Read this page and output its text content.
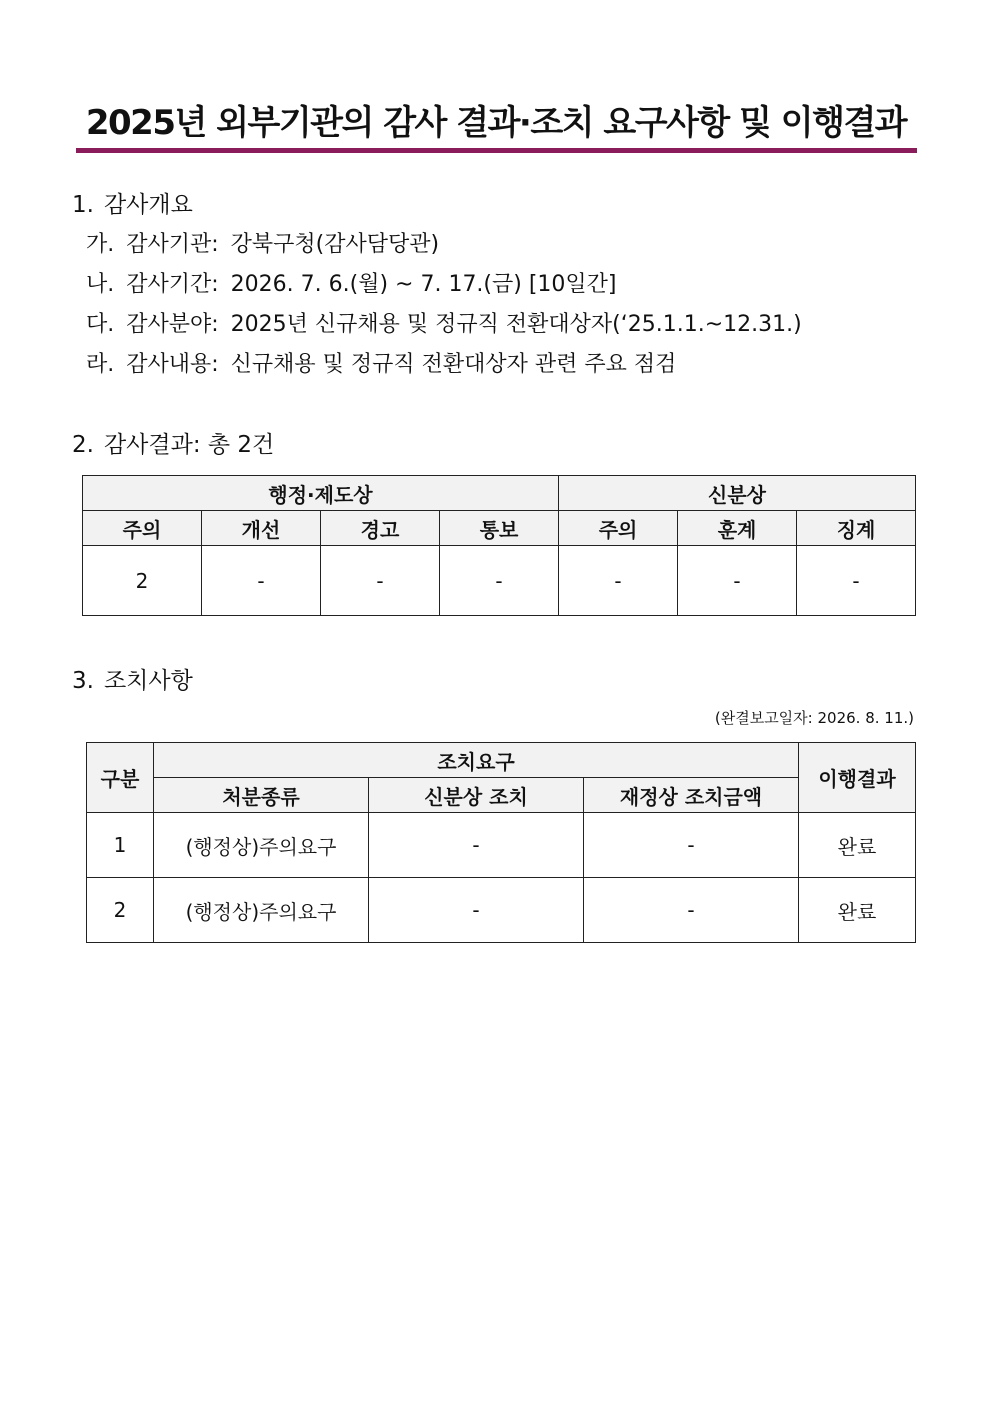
2025년 외부기관의 감사 결과·조치 요구사항 및 이행결과
1. 감사개요
가. 감사기관: 강북구청(감사담당관)
나. 감사기간: 2026. 7. 6.(월) ~ 7. 17.(금) [10일간]
다. 감사분야: 2025년 신규채용 및 정규직 전환대상자(‘25.1.1.~12.31.)
라. 감사내용: 신규채용 및 정규직 전환대상자 관련 주요 점검
2. 감사결과: 총 2건
행정·제도상				신분상		
주의	개선	경고	통보	주의	훈계	징계
2	-	-	-	-	-	-
3. 조치사항

(완결보고일자: 2026. 8. 11.)

구분	조치요구			이행결과
	처분종류	신분상 조치	재정상 조치금액	
1	(행정상)주의요구	-	-	완료
2	(행정상)주의요구	-	-	완료
